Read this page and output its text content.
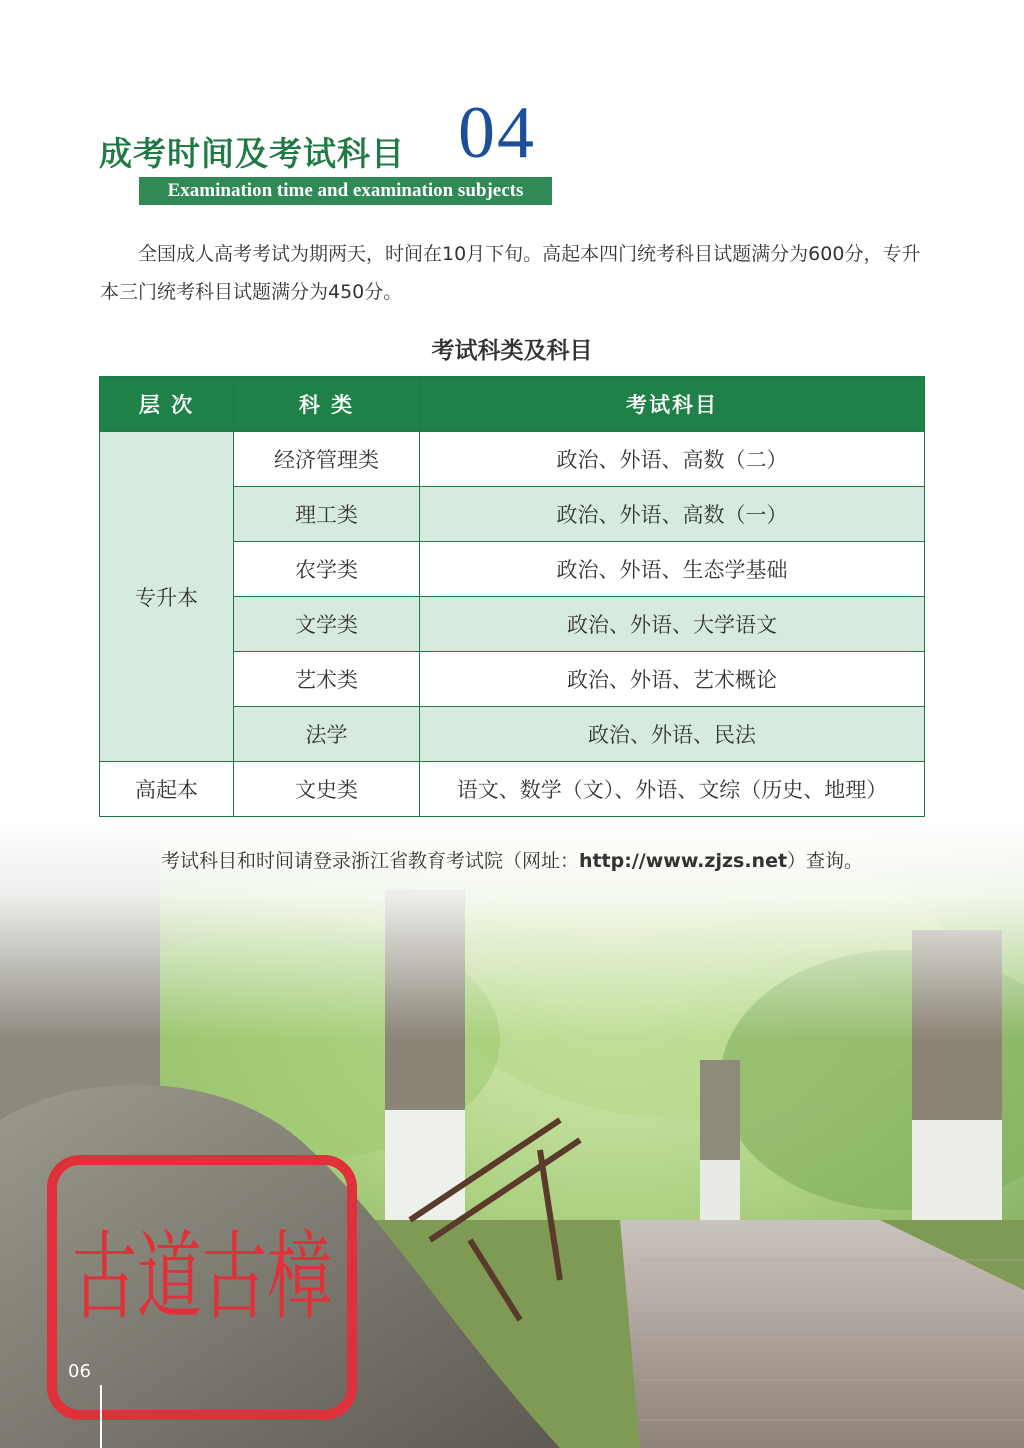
成考时间及考试科目 04
Examination time and examination subjects

全国成人高考考试为期两天，时间在10月下旬。高起本四门统考科目试题满分为600分，专升本三门统考科目试题满分为450分。

考试科类及科目
层 次	科 类	考试科目
专升本	经济管理类	政治、外语、高数（二）
	理工类	政治、外语、高数（一）
	农学类	政治、外语、生态学基础
	文学类	政治、外语、大学语文
	艺术类	政治、外语、艺术概论
	法学	政治、外语、民法
高起本	文史类	语文、数学（文）、外语、文综（历史、地理）
考试科目和时间请登录浙江省教育考试院（网址：http://www.zjzs.net）查询。
06
